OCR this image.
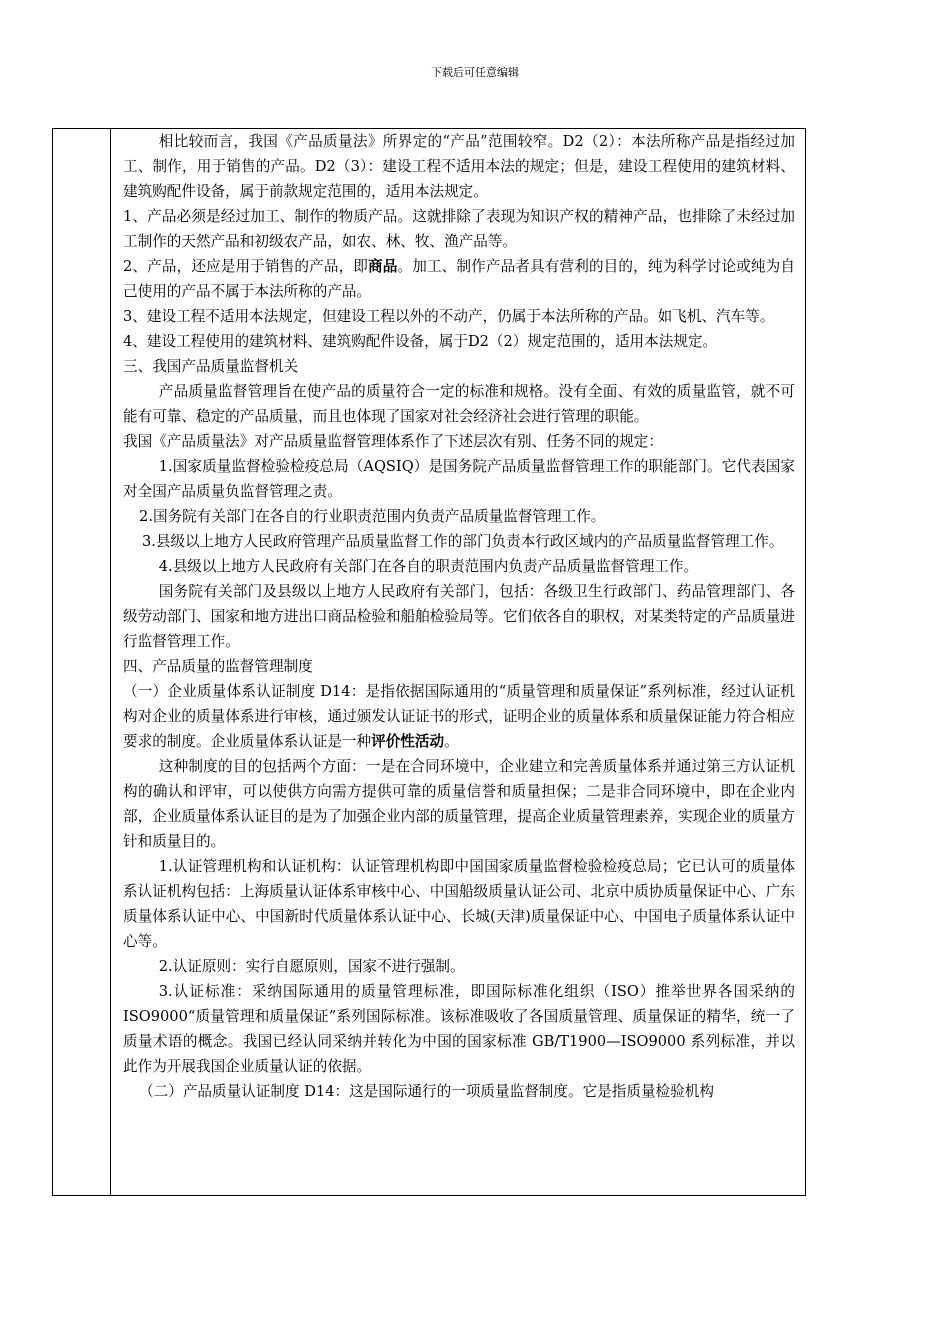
下载后可任意编辑

相比较而言，我国《产品质量法》所界定的“产品”范围较窄。D2（2）：本法所称产品是指经过加工、制作，用于销售的产品。D2（3）：建设工程不适用本法的规定；但是，建设工程使用的建筑材料、建筑购配件设备，属于前款规定范围的，适用本法规定。

1、产品必须是经过加工、制作的物质产品。这就排除了表现为知识产权的精神产品，也排除了未经过加工制作的天然产品和初级农产品，如农、林、牧、渔产品等。

2、产品，还应是用于销售的产品，即商品。加工、制作产品者具有营利的目的，纯为科学讨论或纯为自己使用的产品不属于本法所称的产品。

3、建设工程不适用本法规定，但建设工程以外的不动产，仍属于本法所称的产品。如飞机、汽车等。

4、建设工程使用的建筑材料、建筑购配件设备，属于D2（2）规定范围的，适用本法规定。

三、我国产品质量监督机关

产品质量监督管理旨在使产品的质量符合一定的标准和规格。没有全面、有效的质量监管，就不可能有可靠、稳定的产品质量，而且也体现了国家对社会经济社会进行管理的职能。

我国《产品质量法》对产品质量监督管理体系作了下述层次有别、任务不同的规定：

1.国家质量监督检验检疫总局（AQSIQ）是国务院产品质量监督管理工作的职能部门。它代表国家对全国产品质量负监督管理之责。

2.国务院有关部门在各自的行业职责范围内负责产品质量监督管理工作。

3.县级以上地方人民政府管理产品质量监督工作的部门负责本行政区域内的产品质量监督管理工作。

4.县级以上地方人民政府有关部门在各自的职责范围内负责产品质量监督管理工作。

国务院有关部门及县级以上地方人民政府有关部门，包括：各级卫生行政部门、药品管理部门、各级劳动部门、国家和地方进出口商品检验和船舶检验局等。它们依各自的职权，对某类特定的产品质量进行监督管理工作。

四、产品质量的监督管理制度

（一）企业质量体系认证制度 D14：是指依据国际通用的“质量管理和质量保证”系列标准，经过认证机构对企业的质量体系进行审核，通过颁发认证证书的形式，证明企业的质量体系和质量保证能力符合相应要求的制度。企业质量体系认证是一种评价性活动。

这种制度的目的包括两个方面：一是在合同环境中，企业建立和完善质量体系并通过第三方认证机构的确认和评审，可以使供方向需方提供可靠的质量信誉和质量担保；二是非合同环境中，即在企业内部，企业质量体系认证目的是为了加强企业内部的质量管理，提高企业质量管理素养，实现企业的质量方针和质量目的。

1.认证管理机构和认证机构：认证管理机构即中国国家质量监督检验检疫总局；它已认可的质量体系认证机构包括：上海质量认证体系审核中心、中国船级质量认证公司、北京中质协质量保证中心、广东质量体系认证中心、中国新时代质量体系认证中心、长城(天津)质量保证中心、中国电子质量体系认证中心等。

2.认证原则：实行自愿原则，国家不进行强制。

3.认证标准：采纳国际通用的质量管理标准，即国际标准化组织（ISO）推举世界各国采纳的ISO9000“质量管理和质量保证”系列国际标准。该标准吸收了各国质量管理、质量保证的精华，统一了质量术语的概念。我国已经认同采纳并转化为中国的国家标准 GB/T1900—ISO9000 系列标准，并以此作为开展我国企业质量认证的依据。

（二）产品质量认证制度 D14：这是国际通行的一项质量监督制度。它是指质量检验机构
